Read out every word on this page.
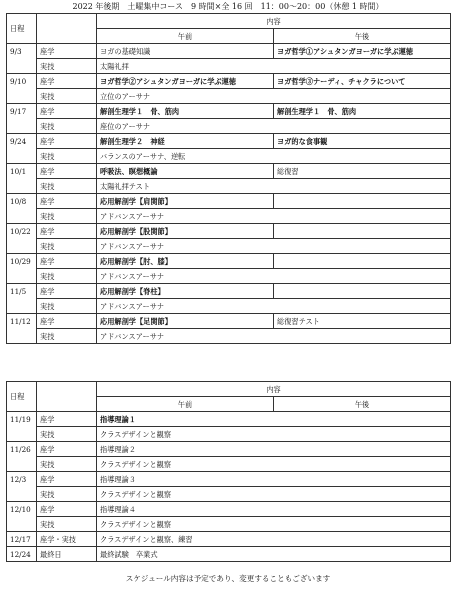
2022 年後期　土曜集中コース　9 時間×全 16 回　11：00～20：00（休憩 1 時間）
日程		内容	
		午前	午後
9/3	座学	ヨガの基礎知識	ヨガ哲学①アシュタンガヨーガに学ぶ運徳
	実技	太陽礼拝	
9/10	座学	ヨガ哲学②アシュタンガヨーガに学ぶ運徳	ヨガ哲学③ナーディ、チャクラについて
	実技	立位のアーサナ	
9/17	座学	解剖生理学１　骨、筋肉	解剖生理学１　骨、筋肉
	実技	座位のアーサナ	
9/24	座学	解剖生理学２　神経	ヨガ的な食事観
	実技	バランスのアーサナ、逆転	
10/1	座学	呼吸法、瞑想概論	総復習
	実技	太陽礼拝テスト	
10/8	座学	応用解剖学【肩関節】	
	実技	アドバンスアーサナ	
10/22	座学	応用解剖学【股関節】	
	実技	アドバンスアーサナ	
10/29	座学	応用解剖学【肘、膝】	
	実技	アドバンスアーサナ	
11/5	座学	応用解剖学【脊柱】	
	実技	アドバンスアーサナ	
11/12	座学	応用解剖学【足関節】	総復習テスト
	実技	アドバンスアーサナ	
日程		内容	
		午前	午後
11/19	座学	指導理論１	
	実技	クラスデザインと観察	
11/26	座学	指導理論２	
	実技	クラスデザインと観察	
12/3	座学	指導理論３	
	実技	クラスデザインと観察	
12/10	座学	指導理論４	
	実技	クラスデザインと観察	
12/17	座学・実技	クラスデザインと観察、練習	
12/24	最終日	最終試験　卒業式	
スケジュール内容は予定であり、変更することもございます
